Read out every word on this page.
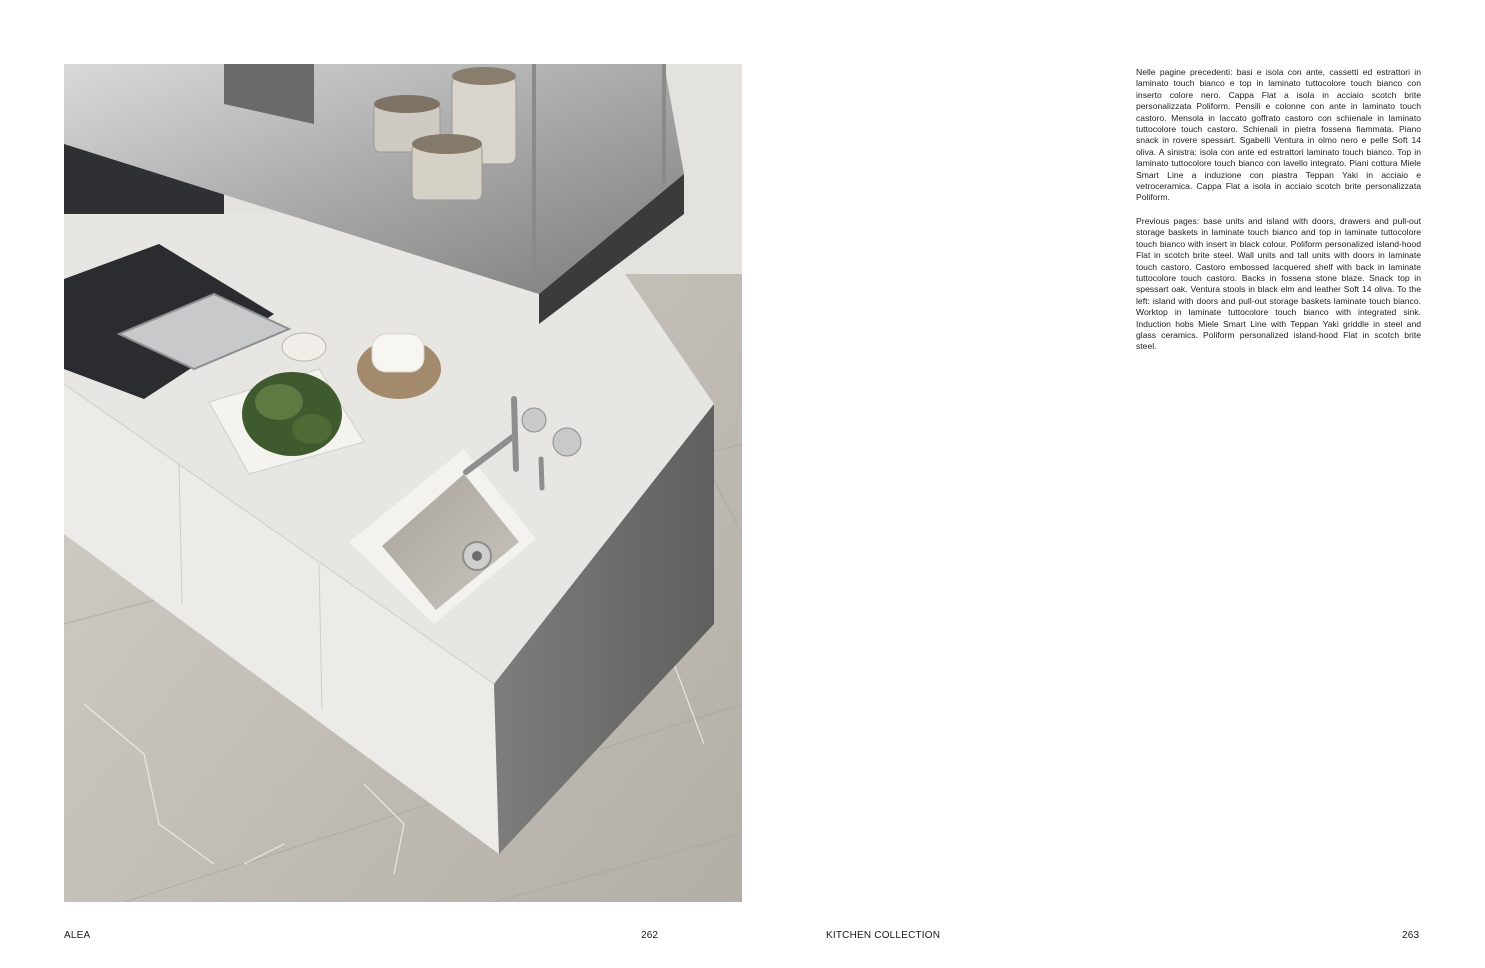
Nelle pagine precedenti: basi e isola con ante, cassetti ed estrattori in laminato touch bianco e top in laminato tuttocolore touch bianco con inserto colore nero. Cappa Flat a isola in acciaio scotch brite personalizzata Poliform. Pensili e colonne con ante in laminato touch castoro. Mensola in laccato goffrato castoro con schienale in laminato tuttocolore touch castoro. Schienali in pietra fossena fiammata. Piano snack in rovere spessart. Sgabelli Ventura in olmo nero e pelle Soft 14 oliva. A sinistra: isola con ante ed estrattori laminato touch bianco. Top in laminato tuttocolore touch bianco con lavello integrato. Piani cottura Miele Smart Line a induzione con piastra Teppan Yaki in acciaio e vetroceramica. Cappa Flat a isola in acciaio scotch brite personalizzata Poliform.

Previous pages: base units and island with doors, drawers and pull-out storage baskets in laminate touch bianco and top in laminate tuttocolore touch bianco with insert in black colour. Poliform personalized island-hood Flat in scotch brite steel. Wall units and tall units with doors in laminate touch castoro. Castoro embossed lacquered shelf with back in laminate tuttocolore touch castoro. Backs in fossena stone blaze. Snack top in spessart oak. Ventura stools in black elm and leather Soft 14 oliva. To the left: island with doors and pull-out storage baskets laminate touch bianco. Worktop in laminate tuttocolore touch bianco with integrated sink. Induction hobs Miele Smart Line with Teppan Yaki griddle in steel and glass ceramics. Poliform personalized island-hood Flat in scotch brite steel.

ALEA	262	KITCHEN COLLECTION	263
